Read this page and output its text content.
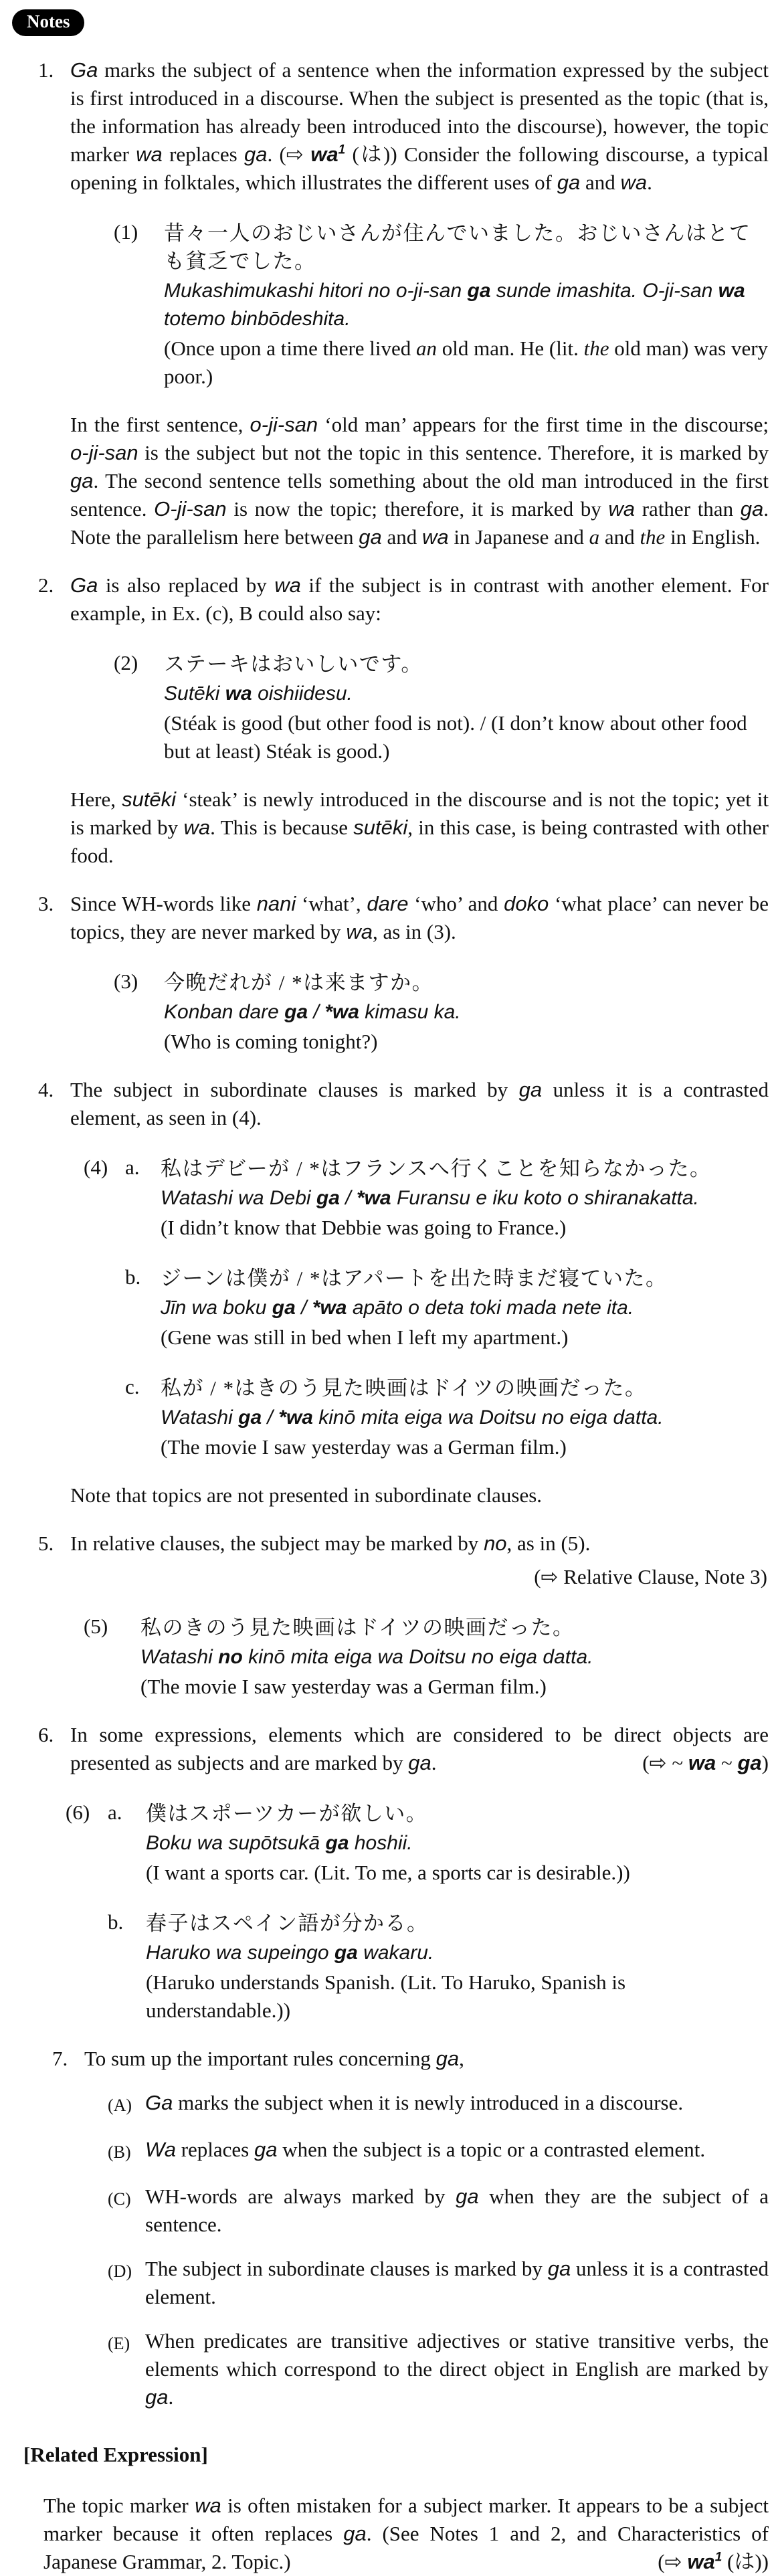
Notes
1. Ga marks the subject of a sentence when the information expressed by the subject is first introduced in a discourse. When the subject is presented as the topic (that is, the information has already been introduced into the discourse), however, the topic marker wa replaces ga. (⇨ $wa^1$ (は)) Consider the following discourse, a typical opening in folktales, which illustrates the different uses of ga and wa.

(1)	昔々一人のおじいさんが住んでいました。おじいさんはとても貧乏でした。
Mukashimukashi hitori no o-ji-san ga sunde imashita. O-ji-san wa totemo binbōdeshita.
(Once upon a time there lived an old man. He (lit. the old man) was very poor.)

In the first sentence, o-ji-san ‘old man’ appears for the first time in the discourse; o-ji-san is the subject but not the topic in this sentence. Therefore, it is marked by ga. The second sentence tells something about the old man introduced in the first sentence. O-ji-san is now the topic; therefore, it is marked by wa rather than ga. Note the parallelism here between ga and wa in Japanese and a and the in English.

2. Ga is also replaced by wa if the subject is in contrast with another element. For example, in Ex. (c), B could also say:

(2)	ステーキはおいしいです。
Sutēki wa oishiidesu.
(Stéak is good (but other food is not). / (I don’t know about other food but at least) Stéak is good.)

Here, sutēki ‘steak’ is newly introduced in the discourse and is not the topic; yet it is marked by wa. This is because sutēki, in this case, is being contrasted with other food.

3. Since WH-words like nani ‘what’, dare ‘who’ and doko ‘what place’ can never be topics, they are never marked by wa, as in (3).

(3)	今晩だれが / *は来ますか。
Konban dare ga / *wa kimasu ka.
(Who is coming tonight?)
4. The subject in subordinate clauses is marked by ga unless it is a contrasted element, as seen in (4).

(4) a.	私はデビーが / *はフランスへ行くことを知らなかった。
Watashi wa Debi ga / *wa Furansu e iku koto o shiranakatta.
(I didn’t know that Debbie was going to France.)
b. ジーンは僕が / *はアパートを出た時まだ寝ていた。
Jīn wa boku ga / *wa apāto o deta toki mada nete ita.
(Gene was still in bed when I left my apartment.)
c.	私が / *はきのう見た映画はドイツの映画だった。
Watashi ga / *wa kinō mita eiga wa Doitsu no eiga datta.
(The movie I saw yesterday was a German film.)

Note that topics are not presented in subordinate clauses.

5. In relative clauses, the subject may be marked by no, as in (5).

(⇨ Relative Clause, Note 3)
(5)	私のきのう見た映画はドイツの映画だった。
Watashi no kinō mita eiga wa Doitsu no eiga datta.
(The movie I saw yesterday was a German film.)
6. In some expressions, elements which are considered to be direct objects are presented as subjects and are marked by ga.	(⇨ ~ wa ~ ga)
(6) a.	僕はスポーツカーが欲しい。
Boku wa supōtsukā ga hoshii.
(I want a sports car. (Lit. To me, a sports car is desirable.))
b.	春子はスペイン語が分かる。
Haruko wa supeingo ga wakaru.
(Haruko understands Spanish. (Lit. To Haruko, Spanish is understandable.))
7. To sum up the important rules concerning ga,

(A) Ga marks the subject when it is newly introduced in a discourse.
(B) Wa replaces ga when the subject is a topic or a contrasted element.
(C) WH-words are always marked by ga when they are the subject of a sentence.
(D) The subject in subordinate clauses is marked by ga unless it is a contrasted element.
(E) When predicates are transitive adjectives or stative transitive verbs, the elements which correspond to the direct object in English are marked by ga.
[Related Expression]

The topic marker wa is often mistaken for a subject marker. It appears to be a subject marker because it often replaces ga. (See Notes 1 and 2, and Characteristics of Japanese Grammar, 2. Topic.)	(⇨ $wa^1$ (は))
